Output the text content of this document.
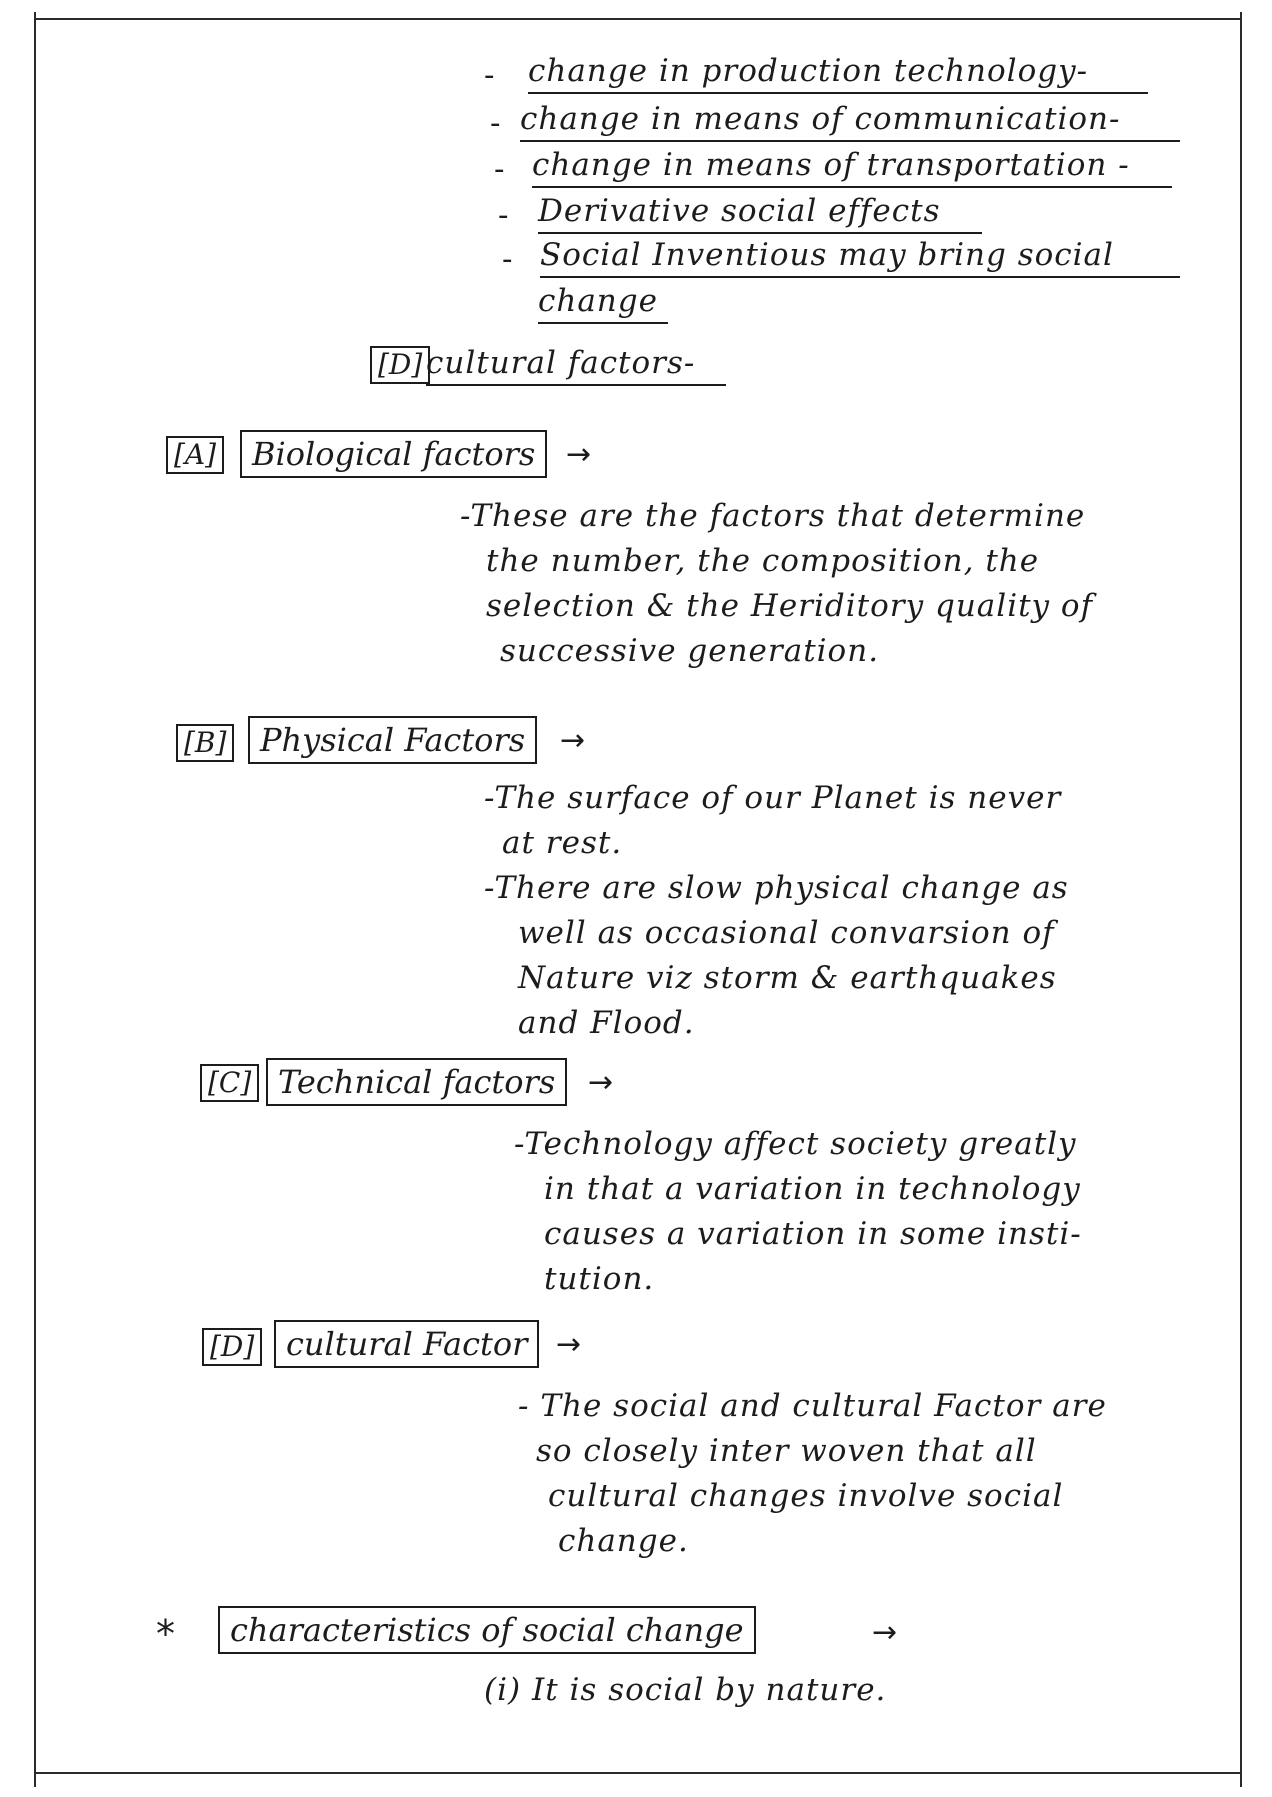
- change in production technology-
- change in means of communication-
- change in means of transportation -
- Derivative social effects
- Social Inventious may bring social
change
[D] cultural factors-
[A]	Biological factors	→
-These are the factors that determine
the number, the composition, the
selection & the Heriditory quality of
successive generation.
[B]	Physical Factors	→
-The surface of our Planet is never
at rest.
-There are slow physical change as
well as occasional convarsion of
Nature viz storm & earthquakes
and Flood.
[C] Technical factors	→
-Technology affect society greatly
in that a variation in technology
causes a variation in some insti-
tution.
[D] cultural Factor →
- The social and cultural Factor are
so closely inter woven that all
cultural changes involve social
change.
*	characteristics of social change	→
(i) It is social by nature.
